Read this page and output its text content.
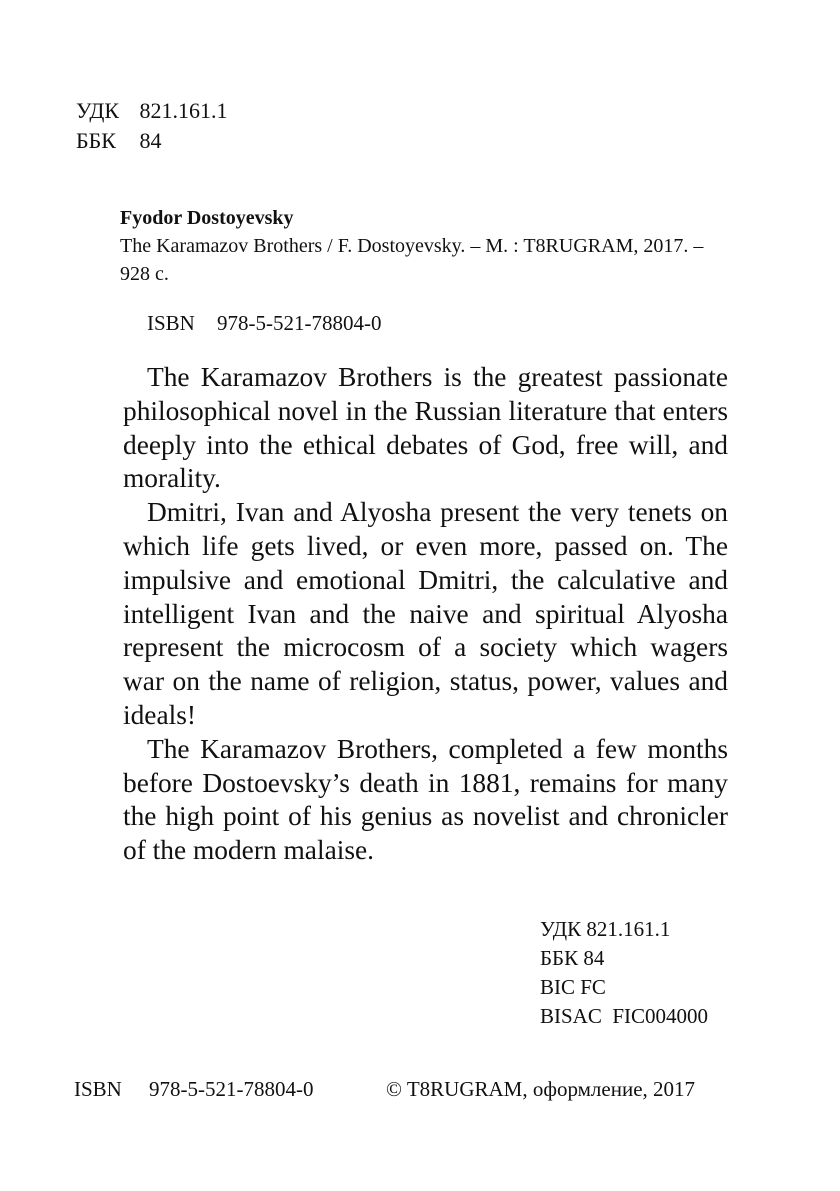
УДК 821.161.1
ББК 84
Fyodor Dostoyevsky
The Karamazov Brothers / F. Dostoyevsky. – M. : T8RUGRAM, 2017. – 928 с.
ISBN 978-5-521-78804-0

The Karamazov Brothers is the greatest passionate philosophical novel in the Russian literature that enters deeply into the ethical debates of God, free will, and morality.

Dmitri, Ivan and Alyosha present the very tenets on which life gets lived, or even more, passed on. The impulsive and emotional Dmitri, the calculative and intelligent Ivan and the naive and spiritual Alyosha represent the microcosm of a society which wagers war on the name of religion, status, power, values and ideals!

The Karamazov Brothers, completed a few months before Dostoevsky’s death in 1881, remains for many the high point of his genius as novelist and chronicler of the modern malaise.

УДК 821.161.1
ББК 84
BIC FC
BISAC  FIC004000
ISBN 978-5-521-78804-0	© T8RUGRAM, оформление, 2017
